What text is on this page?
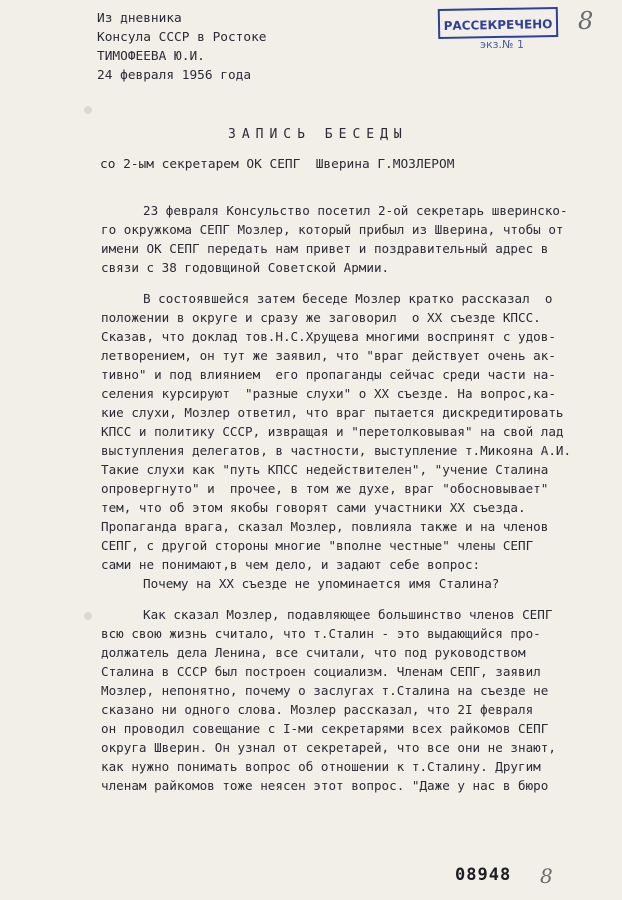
Из дневника
Консула СССР в Ростоке
ТИМОФЕЕВА Ю.И.
24 февраля 1956 года
РАССЕКРЕЧЕНО
экз.№ 1
8
ЗАПИСЬ БЕСЕДЫ
со 2-ым секретарем ОК СЕПГ  Шверина Г.МОЗЛЕРОМ
23 февраля Консульство посетил 2-ой секретарь шверинско-
го окружкома СЕПГ Мозлер, который прибыл из Шверина, чтобы от
имени ОК СЕПГ передать нам привет и поздравительный адрес в
связи с 38 годовщиной Советской Армии.
В состоявшейся затем беседе Мозлер кратко рассказал  о
положении в округе и сразу же заговорил  о ХХ съезде КПСС.
Сказав, что доклад тов.Н.С.Хрущева многими воспринят с удов-
летворением, он тут же заявил, что "враг действует очень ак-
тивно" и под влиянием  его пропаганды сейчас среди части на-
селения курсируют  "разные слухи" о ХХ съезде. На вопрос,ка-
кие слухи, Мозлер ответил, что враг пытается дискредитировать
КПСС и политику СССР, извращая и "перетолковывая" на свой лад
выступления делегатов, в частности, выступление т.Микояна А.И.
Такие слухи как "путь КПСС недействителен", "учение Сталина
опровергнуто" и  прочее, в том же духе, враг "обосновывает"
тем, что об этом якобы говорят сами участники ХХ съезда.
Пропаганда врага, сказал Мозлер, повлияла также и на членов
СЕПГ, с другой стороны многие "вполне честные" члены СЕПГ
сами не понимают,в чем дело, и задают себе вопрос:
Почему на ХХ съезде не упоминается имя Сталина?
Как сказал Мозлер, подавляющее большинство членов СЕПГ
всю свою жизнь считало, что т.Сталин - это выдающийся про-
должатель дела Ленина, все считали, что под руководством
Сталина в СССР был построен социализм. Членам СЕПГ, заявил
Мозлер, непонятно, почему о заслугах т.Сталина на съезде не
сказано ни одного слова. Мозлер рассказал, что 2I февраля
он проводил совещание с I-ми секретарями всех райкомов СЕПГ
округа Шверин. Он узнал от секретарей, что все они не знают,
как нужно понимать вопрос об отношении к т.Сталину. Другим
членам райкомов тоже неясен этот вопрос. "Даже у нас в бюро
08948 8
